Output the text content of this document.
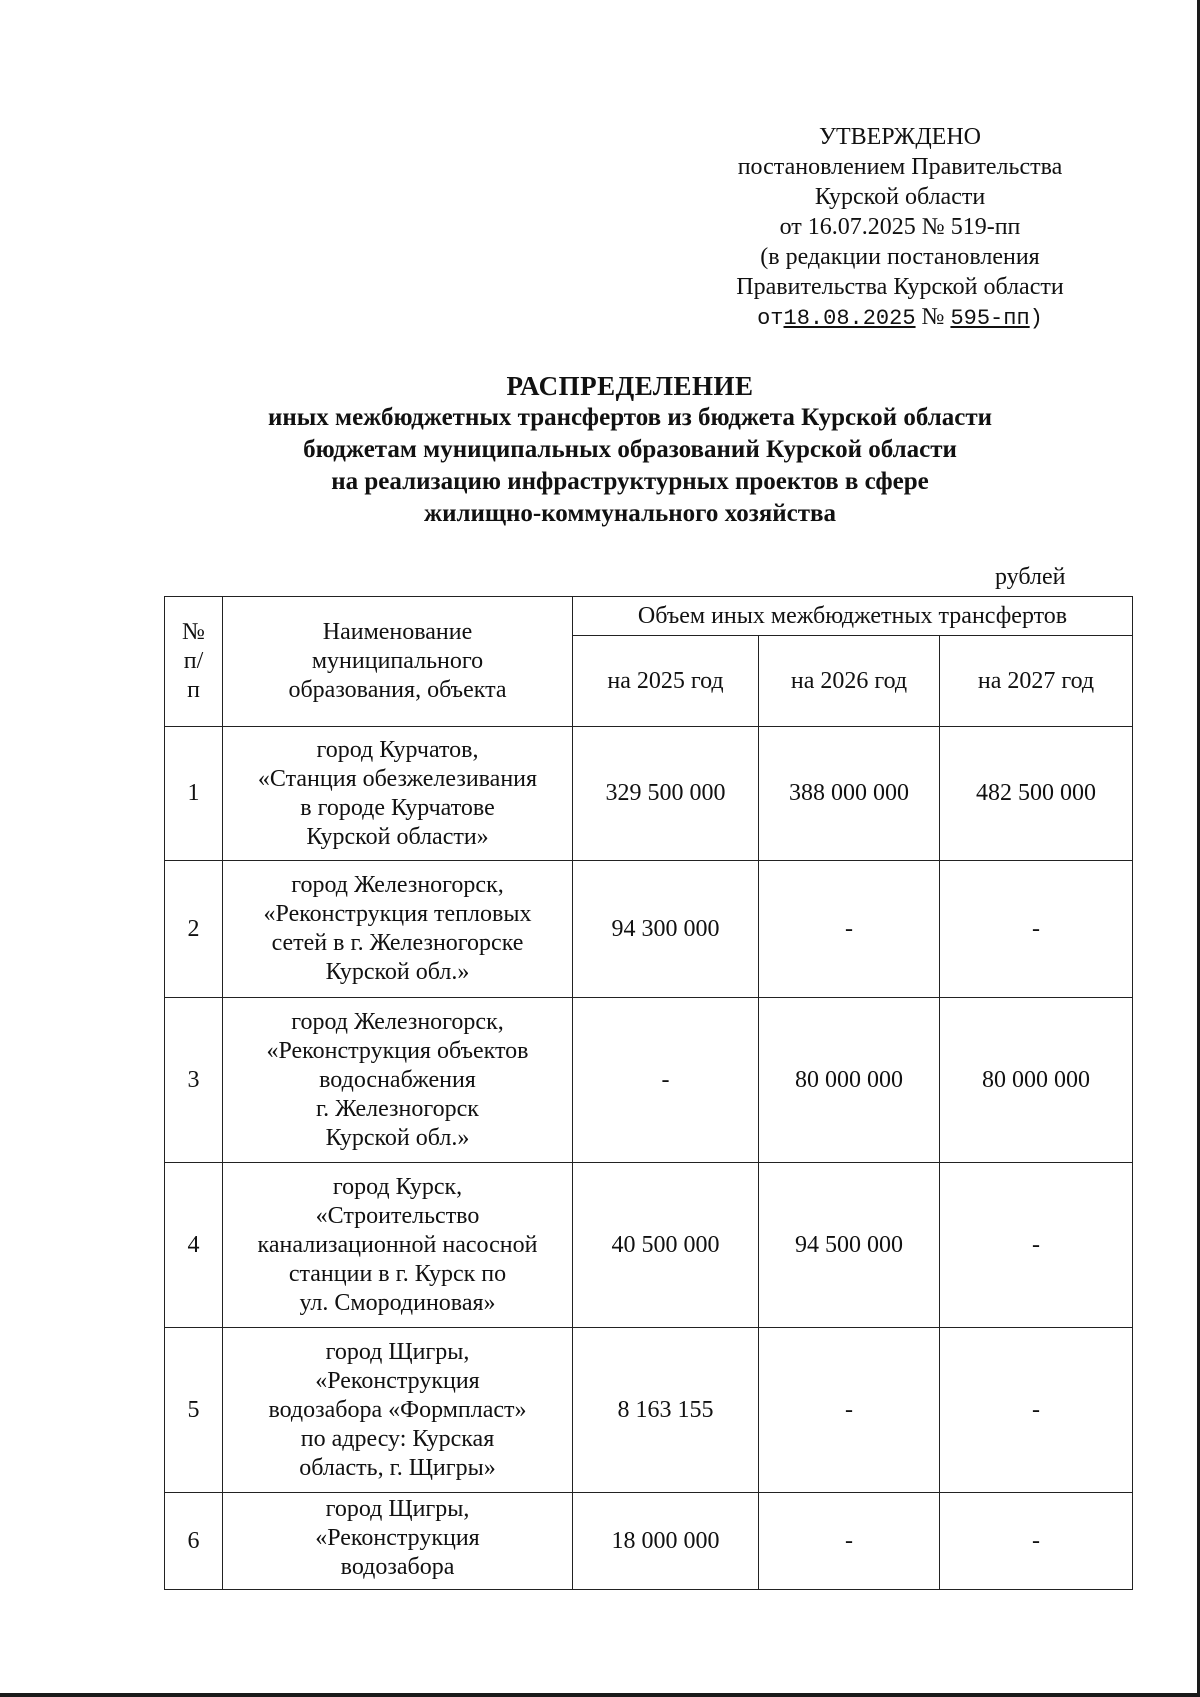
УТВЕРЖДЕНО
постановлением Правительства
Курской области
от 16.07.2025 № 519-пп
(в редакции постановления
Правительства Курской области
от18.08.2025 № 595-пп)
РАСПРЕДЕЛЕНИЕ
иных межбюджетных трансфертов из бюджета Курской области
бюджетам муниципальных образований Курской области
на реализацию инфраструктурных проектов в сфере
жилищно-коммунального хозяйства
рублей
№
п/
п	Наименование
муниципального
образования, объекта	Объем иных межбюджетных трансфертов		
		на 2025 год	на 2026 год	на 2027 год
1	город Курчатов,
«Станция обезжелезивания
в городе Курчатове
Курской области»	329 500 000	388 000 000	482 500 000
2	город Железногорск,
«Реконструкция тепловых
сетей в г. Железногорске
Курской обл.»	94 300 000	-	-
3	город Железногорск,
«Реконструкция объектов
водоснабжения
г. Железногорск
Курской обл.»	-	80 000 000	80 000 000
4	город Курск,
«Строительство
канализационной насосной
станции в г. Курск по
ул. Смородиновая»	40 500 000	94 500 000	-
5	город Щигры,
«Реконструкция
водозабора «Формпласт»
по адресу: Курская
область, г. Щигры»	8 163 155	-	-
6	город Щигры,
«Реконструкция
водозабора	18 000 000	-	-
